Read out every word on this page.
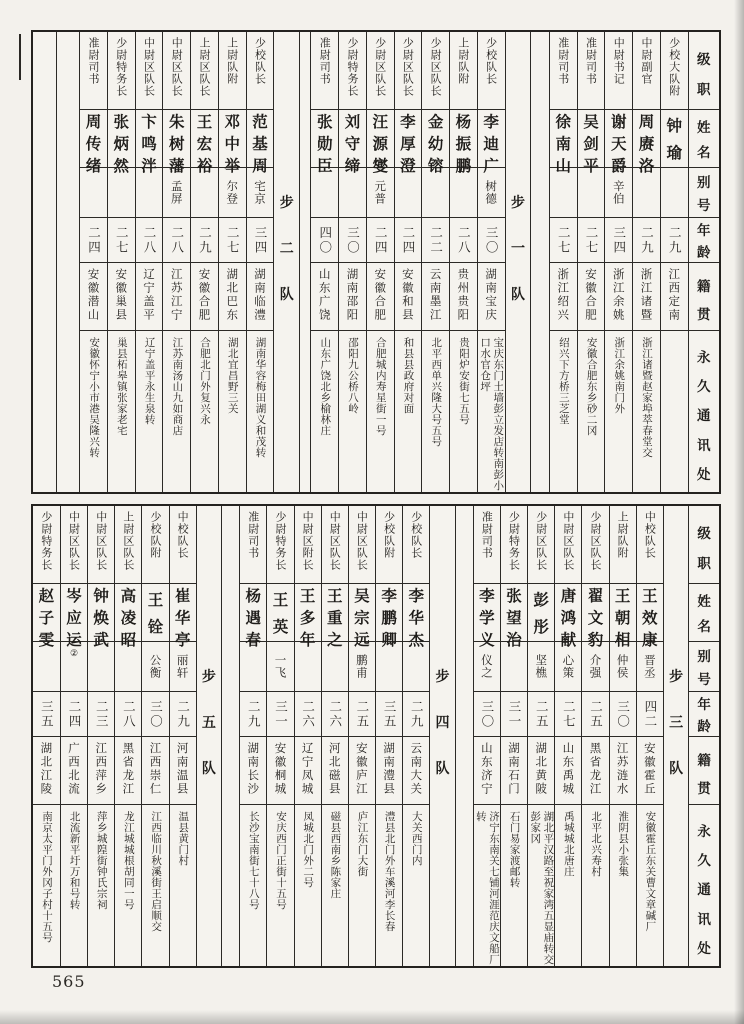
级
职
姓
名
别
号
年
龄
籍
贯
永
久
通
讯
处
少校大队附
钟
瑜
二九
江西定南
中尉副官
周
赓
洛
二九
浙江诸暨
浙江诸暨赵家埠萃春堂交
中尉书记
谢
天
爵
辛伯
三四
浙江余姚
浙江余姚南门外
准尉司书
吴
剑
平
二七
安徽合肥
安徽合肥东乡砂二冈
准尉司书
徐
南
山
二七
浙江绍兴
绍兴下方桥三芝堂
步
一
队
少校队长
李
迪
广
树德
三〇
湖南宝庆
宝庆东门土墙彭立发店转南彭小口水官仓坪
上尉队附
杨
振
鹏
二八
贵州贵阳
贵阳炉安街七五号
少尉区队长
金
幼
镕
二二
云南墨江
北平西单兴隆大号五号
少尉区队长
李
厚
澄
二四
安徽和县
和县县政府对面
少尉区队长
汪
源
燮
元普
二四
安徽合肥
合肥城内寿星街一号
少尉特务长
刘
守
缔
三〇
湖南邵阳
邵阳九公桥八岭
准尉司书
张
勋
臣
四〇
山东广饶
山东广饶北乡榆林庄
步
二
队
少校队长
范
基
周
宅京
三四
湖南临澧
湖南华容梅田湖义和茂转
上尉队附
邓
中
举
尔登
二七
湖北巴东
湖北宜昌野三关
上尉区队长
王
宏
裕
二九
安徽合肥
合肥北门外复兴永
中尉区队长
朱
树
藩
孟屏
二八
江苏江宁
江苏南汤山九如商店
中尉区队长
卞
鸣
泮
二八
辽宁盖平
辽宁盖平永生泉转
少尉特务长
张
炳
然
二七
安徽巢县
巢县柘皋镇张家老宅
准尉司书
周
传
绪
二四
安徽潜山
安徽怀宁小市港吴隆兴转
级
职
姓
名
别
号
年
龄
籍
贯
永
久
通
讯
处
步
三
队
中校队长
王
效
康
晋丞
四二
安徽霍丘
安徽霍丘东关曹文章碱厂
上尉队附
王
朝
相
仲侯
三〇
江苏涟水
淮阴县小张集
少尉区队长
翟
文
豹
介强
二五
黑省龙江
北平北兴寿村
中尉区队长
唐
鸿
献
心策
二七
山东禹城
禹城城北唐庄
少尉区队长
彭
彤
坚樵
二五
湖北黄陂
湖北平汉路至祝家湾五显庙转交彭家冈
少尉特务长
张
望
治
三一
湖南石门
石门易家渡邮转
准尉司书
李
学
义
仪之
三〇
山东济宁
济宁东南关七铺河涯范庆文船厂转
步
四
队
少校队长
李
华
杰
二九
云南大关
大关西门内
少校队附
李
鹏
卿
三五
湖南澧县
澧县北门外车溪河李长春
中尉区队长
吴
宗
远
鹏甫
二五
安徽庐江
庐江东门大街
中尉区队长
王
重
之
二六
河北磁县
磁县西南乡陈家庄
中尉区附长
王
多
年
二六
辽宁凤城
凤城北门外二号
少尉特务长
王
英
一飞
三一
安徽桐城
安庆西门正街十五号
准尉司书
杨
遇
春
二九
湖南长沙
长沙宝南街七十八号
步
五
队
中校队长
崔
华
亭
丽轩
二九
河南温县
温县黄门村
少校队附
王
铨
公衡
三〇
江西崇仁
江西临川秋溪街王启顺交
上尉区队长
高
凌
昭
二八
黑省龙江
龙江城城根胡同一号
中尉区队长
钟
焕
武
二三
江西萍乡
萍乡城隍街钟氏宗祠
中尉区队长
岑
应
运
②
二四
广西北流
北流新平圩万和号转
少尉特务长
赵
子
雯
三五
湖北江陵
南京太平门外冈子村十五号
565
